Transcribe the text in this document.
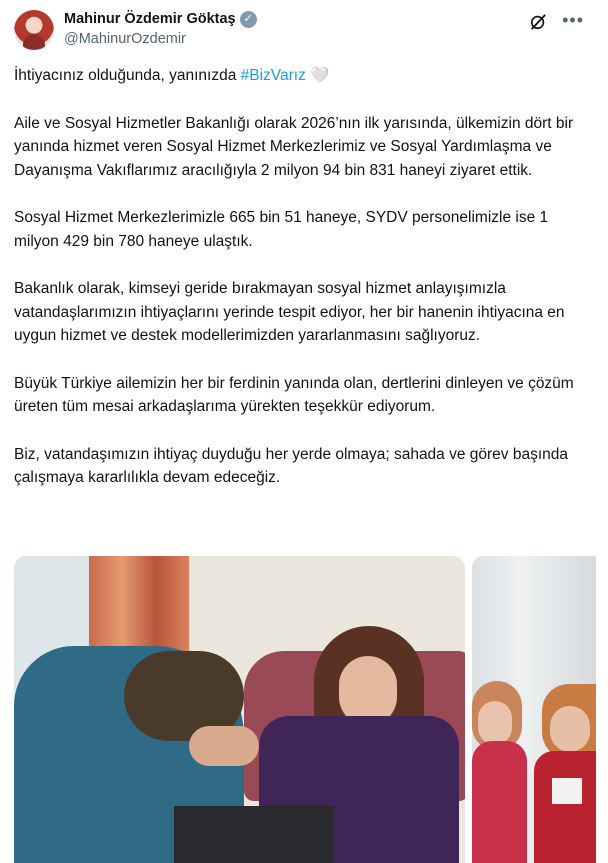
Mahinur Özdemir Göktaş ✓
@MahinurOzdemir
•••

İhtiyacınız olduğunda, yanınızda #BizVarız 🤍

Aile ve Sosyal Hizmetler Bakanlığı olarak 2026’nın ilk yarısında, ülkemizin dört bir yanında hizmet veren Sosyal Hizmet Merkezlerimiz ve Sosyal Yardımlaşma ve Dayanışma Vakıflarımız aracılığıyla 2 milyon 94 bin 831 haneyi ziyaret ettik.

Sosyal Hizmet Merkezlerimizle 665 bin 51 haneye, SYDV personelimizle ise 1 milyon 429 bin 780 haneye ulaştık.

Bakanlık olarak, kimseyi geride bırakmayan sosyal hizmet anlayışımızla vatandaşlarımızın ihtiyaçlarını yerinde tespit ediyor, her bir hanenin ihtiyacına en uygun hizmet ve destek modellerimizden yararlanmasını sağlıyoruz.

Büyük Türkiye ailemizin her bir ferdinin yanında olan, dertlerini dinleyen ve çözüm üreten tüm mesai arkadaşlarıma yürekten teşekkür ediyorum.

Biz, vatandaşımızın ihtiyaç duyduğu her yerde olmaya; sahada ve görev başında çalışmaya kararlılıkla devam edeceğiz.
